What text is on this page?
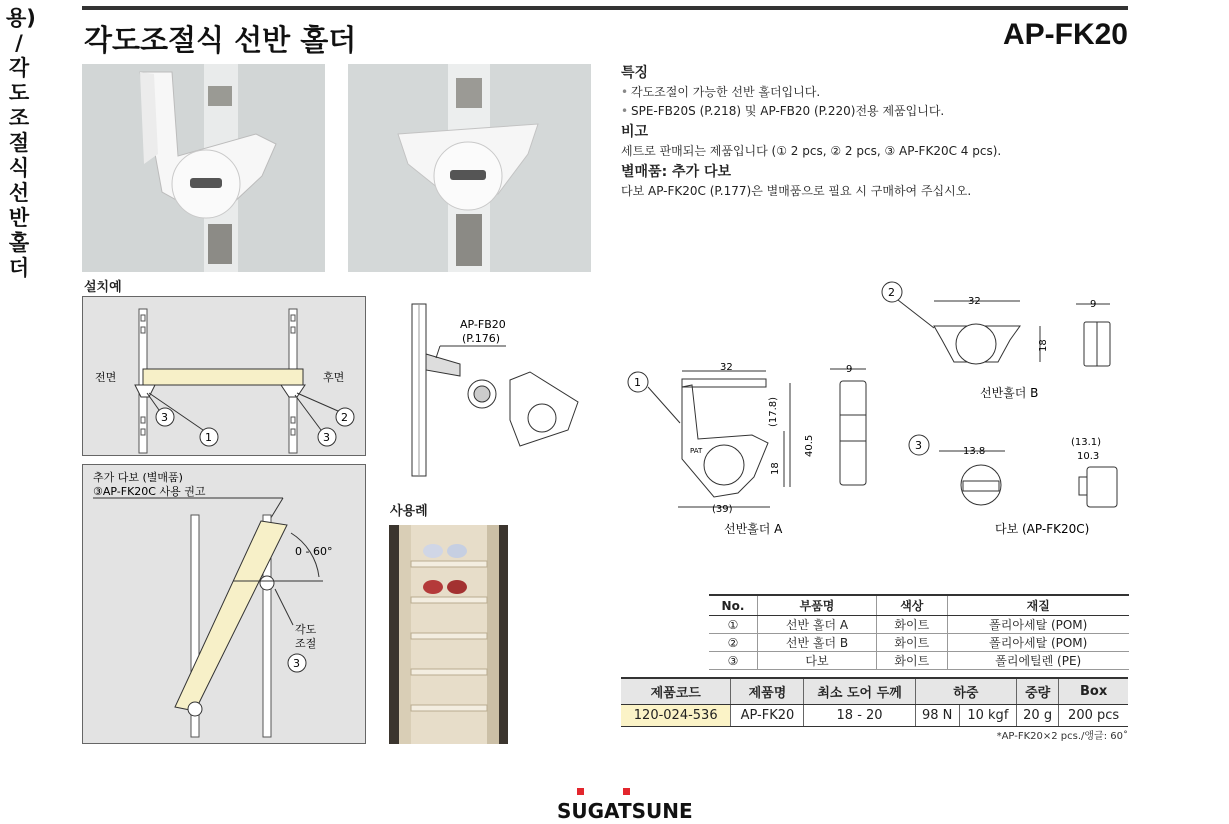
용) / 각도조절식 선반 홀더
각도조절식 선반 홀더	AP-FK20
특징
• 각도조절이 가능한 선반 홀더입니다.
• SPE-FB20S (P.218) 및 AP-FB20 (P.220)전용 제품입니다.
비고
세트로 판매되는 제품입니다 (① 2 pcs, ② 2 pcs, ③ AP-FK20C 4 pcs).
별매품: 추가 다보
다보 AP-FK20C (P.177)은 별매품으로 필요 시 구매하여 주십시오.
설치예
전면	후면
3
1
2
3
추가 다보 (별매품)
③AP-FK20C 사용 권고
0 - 60°
각도
조절
3
AP-FB20
(P.176)
사용례
1
32
PAT	40.5
(17.8)
18
(39)
선반홀더 A
9
2
32
18
선반홀더 B
9
3	13.8
다보 (AP-FK20C)
(13.1)
10.3
No.	부품명	색상	재질
①	선반 홀더 A	화이트	폴리아세탈 (POM)
②	선반 홀더 B	화이트	폴리아세탈 (POM)
③	다보	화이트	폴리에틸렌 (PE)
제품코드	제품명	최소 도어 두께	하중		중량	Box
120-024-536	AP-FK20	18 - 20	98 N	10 kgf	20 g	200 pcs
*AP-FK20×2 pcs./앵글: 60˚
SUGATSUNE
